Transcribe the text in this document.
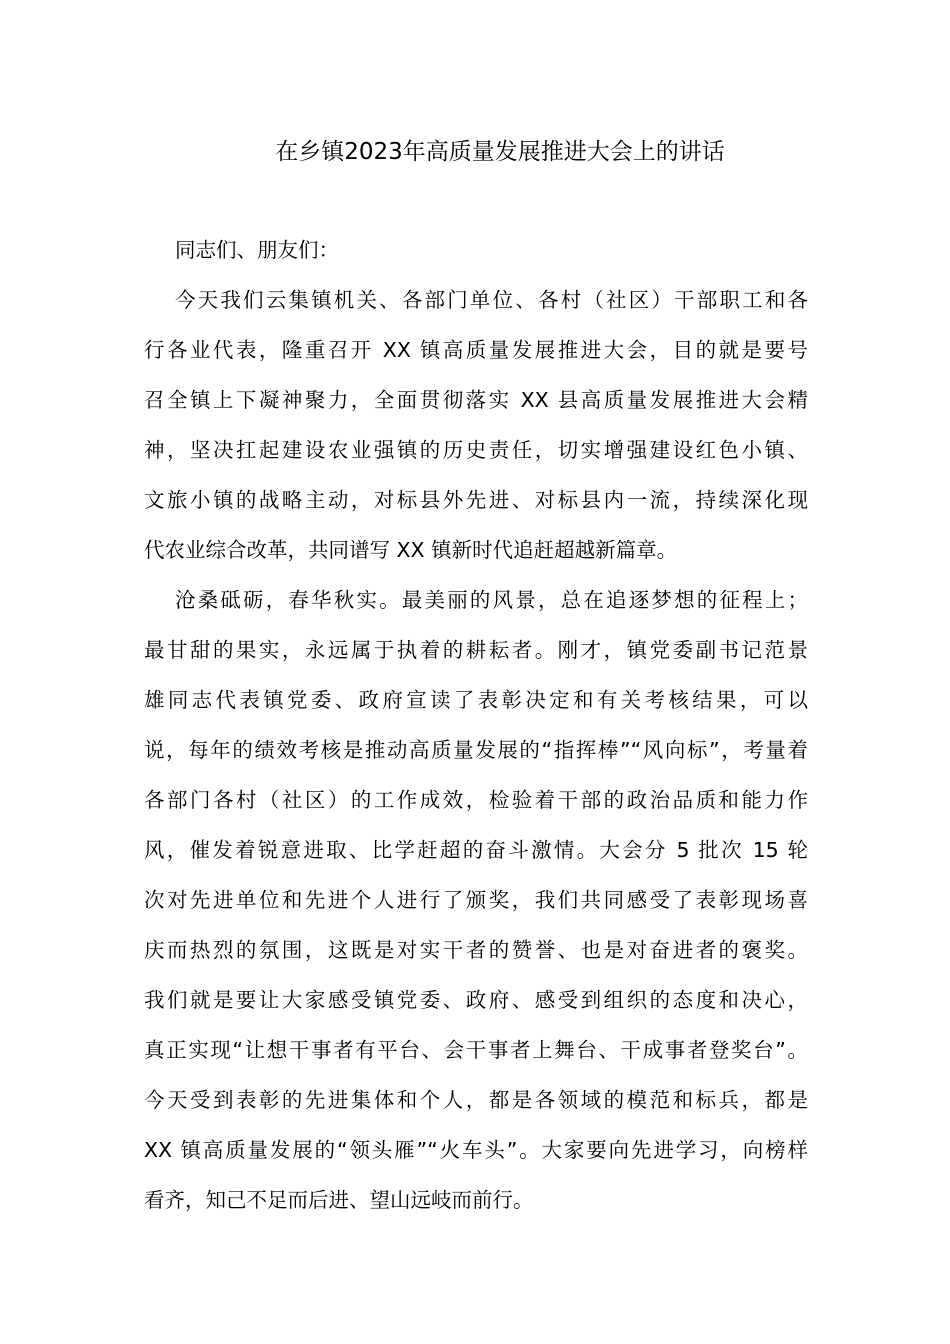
在乡镇2023年高质量发展推进大会上的讲话
同志们、朋友们：
今天我们云集镇机关、各部门单位、各村（社区）干部职工和各
行各业代表，隆重召开 XX 镇高质量发展推进大会，目的就是要号
召全镇上下凝神聚力，全面贯彻落实 XX 县高质量发展推进大会精
神，坚决扛起建设农业强镇的历史责任，切实增强建设红色小镇、
文旅小镇的战略主动，对标县外先进、对标县内一流，持续深化现
代农业综合改革，共同谱写 XX 镇新时代追赶超越新篇章。
沧桑砥砺，春华秋实。最美丽的风景，总在追逐梦想的征程上；
最甘甜的果实，永远属于执着的耕耘者。刚才，镇党委副书记范景
雄同志代表镇党委、政府宣读了表彰决定和有关考核结果，可以
说，每年的绩效考核是推动高质量发展的“指挥棒”“风向标”，考量着
各部门各村（社区）的工作成效，检验着干部的政治品质和能力作
风，催发着锐意进取、比学赶超的奋斗激情。大会分 5 批次 15 轮
次对先进单位和先进个人进行了颁奖，我们共同感受了表彰现场喜
庆而热烈的氛围，这既是对实干者的赞誉、也是对奋进者的褒奖。
我们就是要让大家感受镇党委、政府、感受到组织的态度和决心，
真正实现“让想干事者有平台、会干事者上舞台、干成事者登奖台”。
今天受到表彰的先进集体和个人，都是各领域的模范和标兵，都是
XX 镇高质量发展的“领头雁”“火车头”。大家要向先进学习，向榜样
看齐，知己不足而后进、望山远岐而前行。
